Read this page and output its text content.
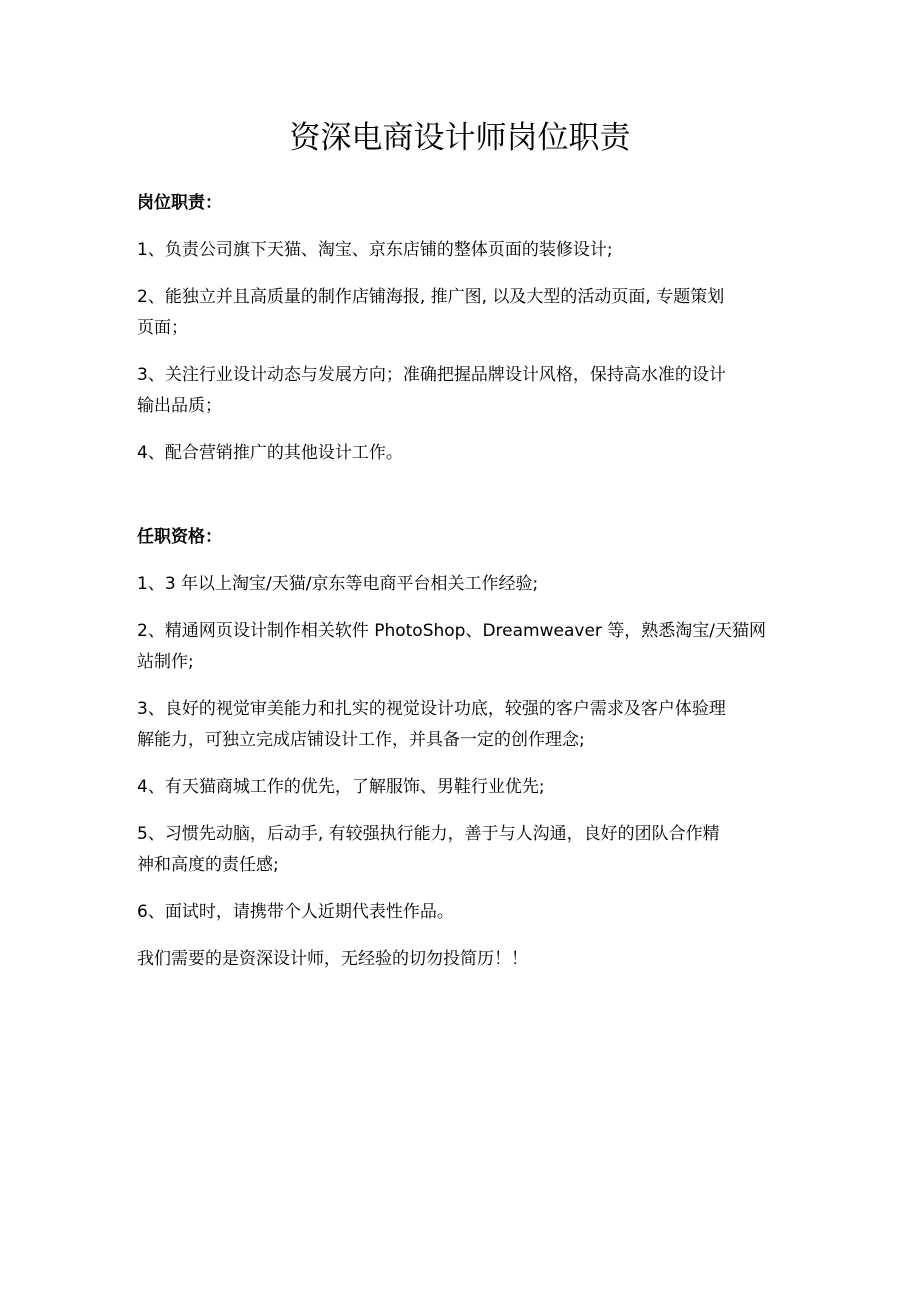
资深电商设计师岗位职责
岗位职责：
1、负责公司旗下天猫、淘宝、京东店铺的整体页面的装修设计;
2、能独立并且高质量的制作店铺海报, 推广图, 以及大型的活动页面, 专题策划
页面；
3、关注行业设计动态与发展方向；准确把握品牌设计风格，保持高水准的设计
输出品质；
4、配合营销推广的其他设计工作。
任职资格：
1、3 年以上淘宝/天猫/京东等电商平台相关工作经验;
2、精通网页设计制作相关软件 PhotoShop、Dreamweaver 等，熟悉淘宝/天猫网
站制作;
3、良好的视觉审美能力和扎实的视觉设计功底，较强的客户需求及客户体验理
解能力，可独立完成店铺设计工作，并具备一定的创作理念;
4、有天猫商城工作的优先，了解服饰、男鞋行业优先;
5、习惯先动脑，后动手, 有较强执行能力，善于与人沟通，良好的团队合作精
神和高度的责任感;
6、面试时，请携带个人近期代表性作品。
我们需要的是资深设计师，无经验的切勿投简历！！
